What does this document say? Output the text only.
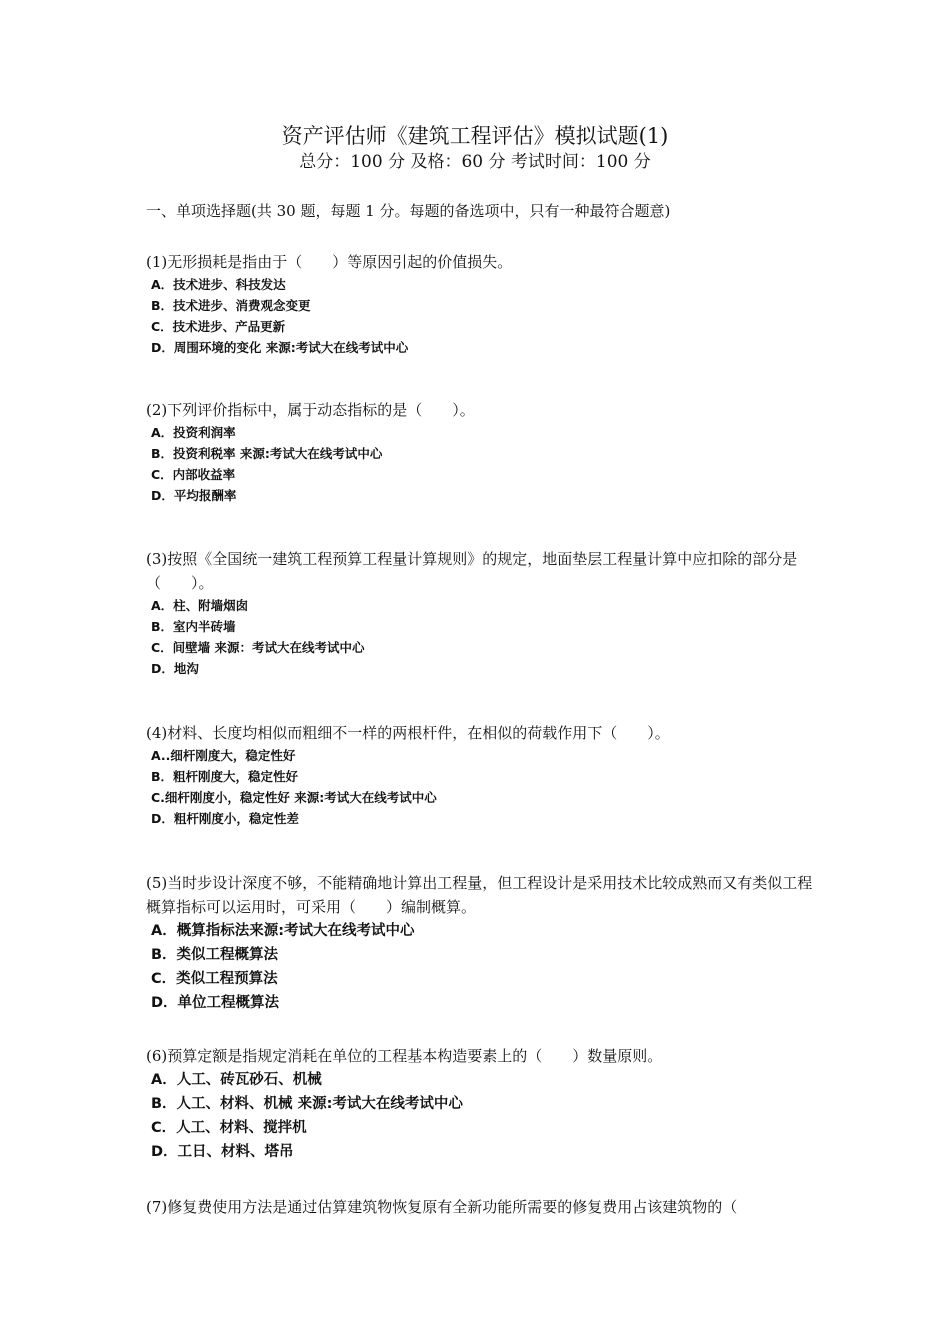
资产评估师《建筑工程评估》模拟试题(1)
总分：100 分 及格：60 分 考试时间：100 分
一、单项选择题(共 30 题，每题 1 分。每题的备选项中，只有一种最符合题意)
(1)无形损耗是指由于（　　）等原因引起的价值损失。
A．技术进步、科技发达
B．技术进步、消费观念变更
C．技术进步、产品更新
D．周围环境的变化 来源:考试大在线考试中心
(2)下列评价指标中，属于动态指标的是（　　）。
A．投资利润率
B．投资利税率 来源:考试大在线考试中心
C．内部收益率
D．平均报酬率
(3)按照《全国统一建筑工程预算工程量计算规则》的规定，地面垫层工程量计算中应扣除的部分是（　　）。
A．柱、附墙烟囱
B．室内半砖墙
C．间壁墙 来源：考试大在线考试中心
D．地沟
(4)材料、长度均相似而粗细不一样的两根杆件，在相似的荷载作用下（　　）。
A..细杆刚度大，稳定性好
B．粗杆刚度大，稳定性好
C.细杆刚度小，稳定性好 来源:考试大在线考试中心
D．粗杆刚度小，稳定性差
(5)当时步设计深度不够，不能精确地计算出工程量，但工程设计是采用技术比较成熟而又有类似工程概算指标可以运用时，可采用（　　）编制概算。
A．概算指标法来源:考试大在线考试中心
B．类似工程概算法
C．类似工程预算法
D．单位工程概算法
(6)预算定额是指规定消耗在单位的工程基本构造要素上的（　　）数量原则。
A．人工、砖瓦砂石、机械
B．人工、材料、机械 来源:考试大在线考试中心
C．人工、材料、搅拌机
D．工日、材料、塔吊
(7)修复费使用方法是通过估算建筑物恢复原有全新功能所需要的修复费用占该建筑物的（
